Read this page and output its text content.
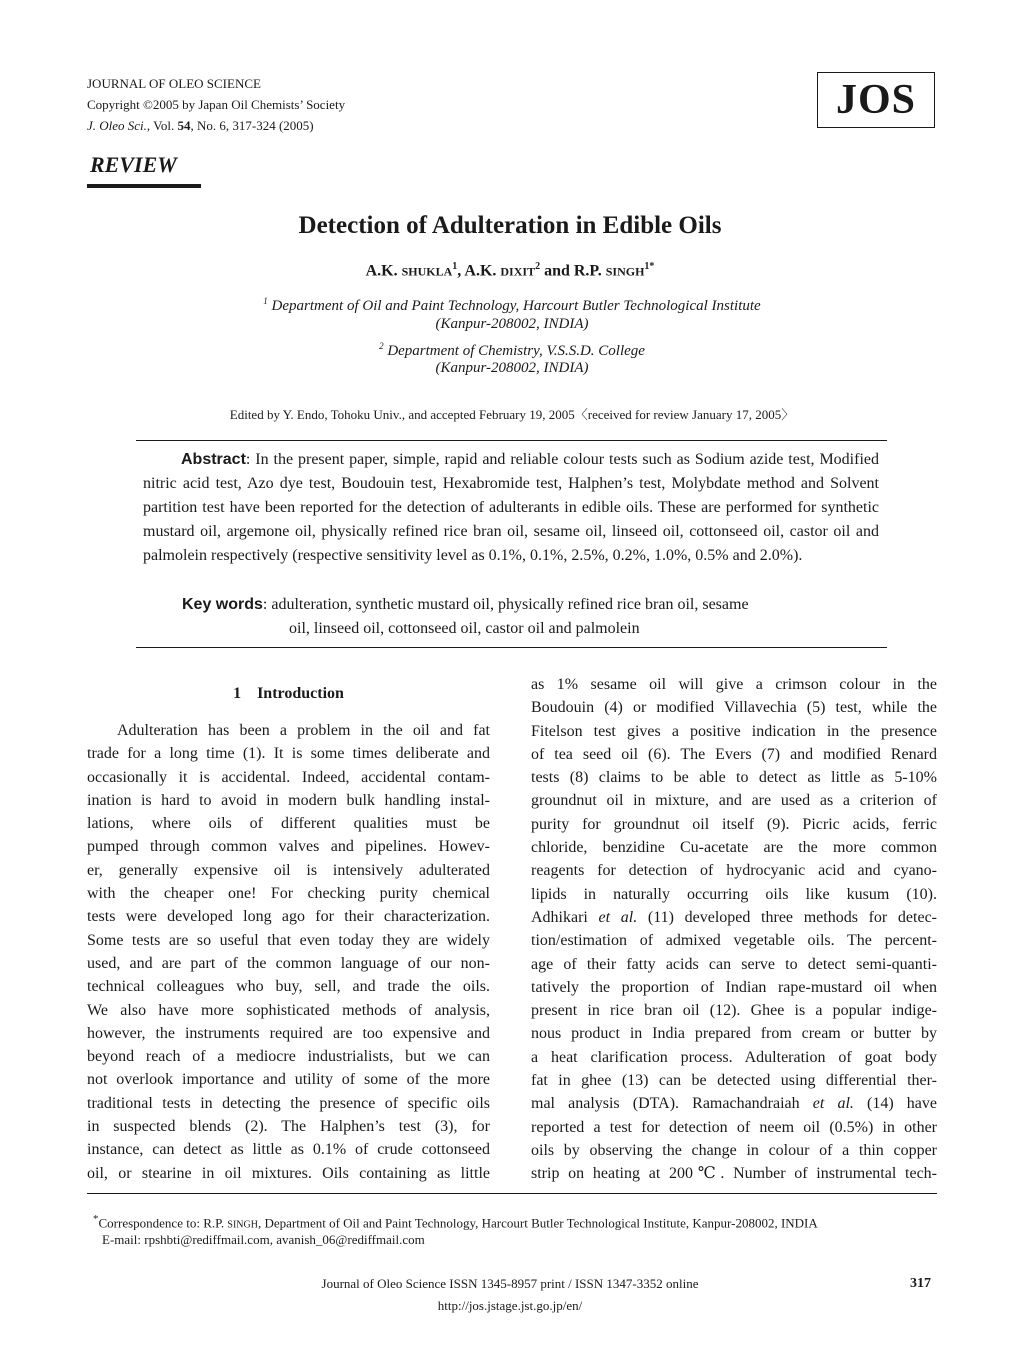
JOURNAL OF OLEO SCIENCE
Copyright ©2005 by Japan Oil Chemists’ Society
J. Oleo Sci., Vol. 54, No. 6, 317-324 (2005)
JOS
REVIEW
Detection of Adulteration in Edible Oils
A.K. SHUKLA$^1$, A.K. DIXIT$^2$ and R.P. $SINGH^{1*}$
$^1$ Department of Oil and Paint Technology, Harcourt Butler Technological Institute
(Kanpur-208002, INDIA)
$^2$ Department of Chemistry, V.S.S.D. College
(Kanpur-208002, INDIA)
Edited by Y. Endo, Tohoku Univ., and accepted February 19, 2005〈received for review January 17, 2005〉
Abstract: In the present paper, simple, rapid and reliable colour tests such as Sodium azide test, Modified nitric acid test, Azo dye test, Boudouin test, Hexabromide test, Halphen’s test, Molybdate method and Solvent partition test have been reported for the detection of adulterants in edible oils. These are performed for synthetic mustard oil, argemone oil, physically refined rice bran oil, sesame oil, linseed oil, cottonseed oil, castor oil and palmolein respectively (respective sensitivity level as 0.1%, 0.1%, 2.5%, 0.2%, 1.0%, 0.5% and 2.0%).
Key words: adulteration, synthetic mustard oil, physically refined rice bran oil, sesame
oil, linseed oil, cottonseed oil, castor oil and palmolein
1 Introduction
Adulteration has been a problem in the oil and fat
trade for a long time (1). It is some times deliberate and
occasionally it is accidental. Indeed, accidental contam-
ination is hard to avoid in modern bulk handling instal-
lations, where oils of different qualities must be
pumped through common valves and pipelines. Howev-
er, generally expensive oil is intensively adulterated
with the cheaper one! For checking purity chemical
tests were developed long ago for their characterization.
Some tests are so useful that even today they are widely
used, and are part of the common language of our non-
technical colleagues who buy, sell, and trade the oils.
We also have more sophisticated methods of analysis,
however, the instruments required are too expensive and
beyond reach of a mediocre industrialists, but we can
not overlook importance and utility of some of the more
traditional tests in detecting the presence of specific oils
in suspected blends (2). The Halphen’s test (3), for
instance, can detect as little as 0.1% of crude cottonseed
oil, or stearine in oil mixtures. Oils containing as little
as 1% sesame oil will give a crimson colour in the
Boudouin (4) or modified Villavechia (5) test, while the
Fitelson test gives a positive indication in the presence
of tea seed oil (6). The Evers (7) and modified Renard
tests (8) claims to be able to detect as little as 5-10%
groundnut oil in mixture, and are used as a criterion of
purity for groundnut oil itself (9). Picric acids, ferric
chloride, benzidine Cu-acetate are the more common
reagents for detection of hydrocyanic acid and cyano-
lipids in naturally occurring oils like kusum (10).
Adhikari et al. (11) developed three methods for detec-
tion/estimation of admixed vegetable oils. The percent-
age of their fatty acids can serve to detect semi-quanti-
tatively the proportion of Indian rape-mustard oil when
present in rice bran oil (12). Ghee is a popular indige-
nous product in India prepared from cream or butter by
a heat clarification process. Adulteration of goat body
fat in ghee (13) can be detected using differential ther-
mal analysis (DTA). Ramachandraiah et al. (14) have
reported a test for detection of neem oil (0.5%) in other
oils by observing the change in colour of a thin copper
strip on heating at 200℃. Number of instrumental tech-
*Correspondence to: R.P. SINGH, Department of Oil and Paint Technology, Harcourt Butler Technological Institute, Kanpur-208002, INDIA
E-mail: rpshbti@rediffmail.com, avanish_06@rediffmail.com
Journal of Oleo Science ISSN 1345-8957 print / ISSN 1347-3352 online	317
http://jos.jstage.jst.go.jp/en/
